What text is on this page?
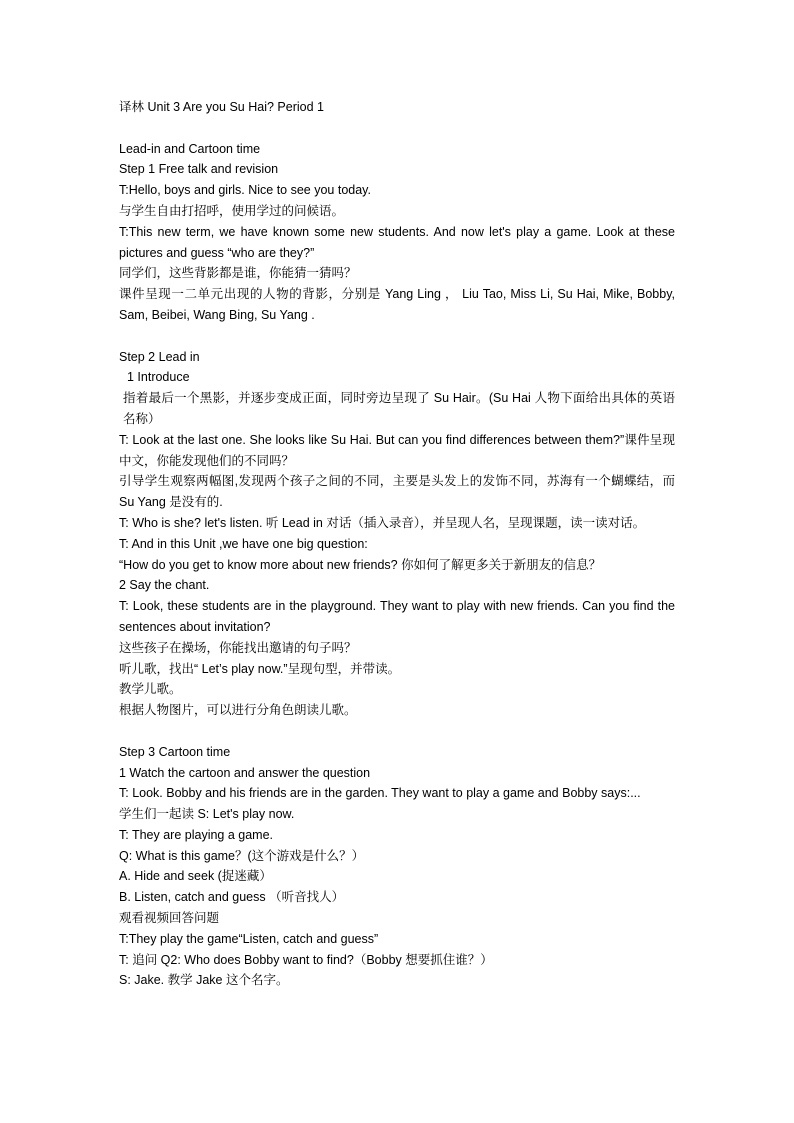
译林 Unit 3 Are you Su Hai? Period 1

Lead-in and Cartoon time

Step 1 Free talk and revision

T:Hello, boys and girls. Nice to see you today.

与学生自由打招呼，使用学过的问候语。

T:This new term, we have known some new students. And now let's play a game. Look at these pictures and guess “who are they?”

同学们，这些背影都是谁，你能猜一猜吗？

课件呈现一二单元出现的人物的背影，分别是 Yang Ling ， Liu Tao, Miss Li, Su Hai, Mike, Bobby, Sam, Beibei, Wang Bing, Su Yang .

Step 2 Lead in

1 Introduce

指着最后一个黑影，并逐步变成正面，同时旁边呈现了 Su Hair。(Su Hai 人物下面给出具体的英语名称）

T: Look at the last one. She looks like Su Hai. But can you find differences between them?”课件呈现中文，你能发现他们的不同吗？

引导学生观察两幅图,发现两个孩子之间的不同，主要是头发上的发饰不同，苏海有一个蝴蝶结，而 Su Yang 是没有的.

T: Who is she? let's listen. 听 Lead in 对话（插入录音），并呈现人名，呈现课题，读一读对话。

T: And in this Unit ,we have one big question:

“How do you get to know more about new friends? 你如何了解更多关于新朋友的信息？

2 Say the chant.

T: Look, these students are in the playground. They want to play with new friends. Can you find the sentences about invitation?

这些孩子在操场，你能找出邀请的句子吗？

听儿歌，找出“ Let’s play now.”呈现句型，并带读。

教学儿歌。

根据人物图片，可以进行分角色朗读儿歌。

Step 3 Cartoon time

1 Watch the cartoon and answer the question

T: Look. Bobby and his friends are in the garden. They want to play a game and Bobby says:...

学生们一起读 S: Let's play now.

T: They are playing a game.

Q: What is this game？(这个游戏是什么？）

A. Hide and seek (捉迷藏）

B. Listen, catch and guess （听音找人）

观看视频回答问题

T:They play the game“Listen, catch and guess”

T: 追问 Q2: Who does Bobby want to find?（Bobby 想要抓住谁？）

S: Jake. 教学 Jake 这个名字。
